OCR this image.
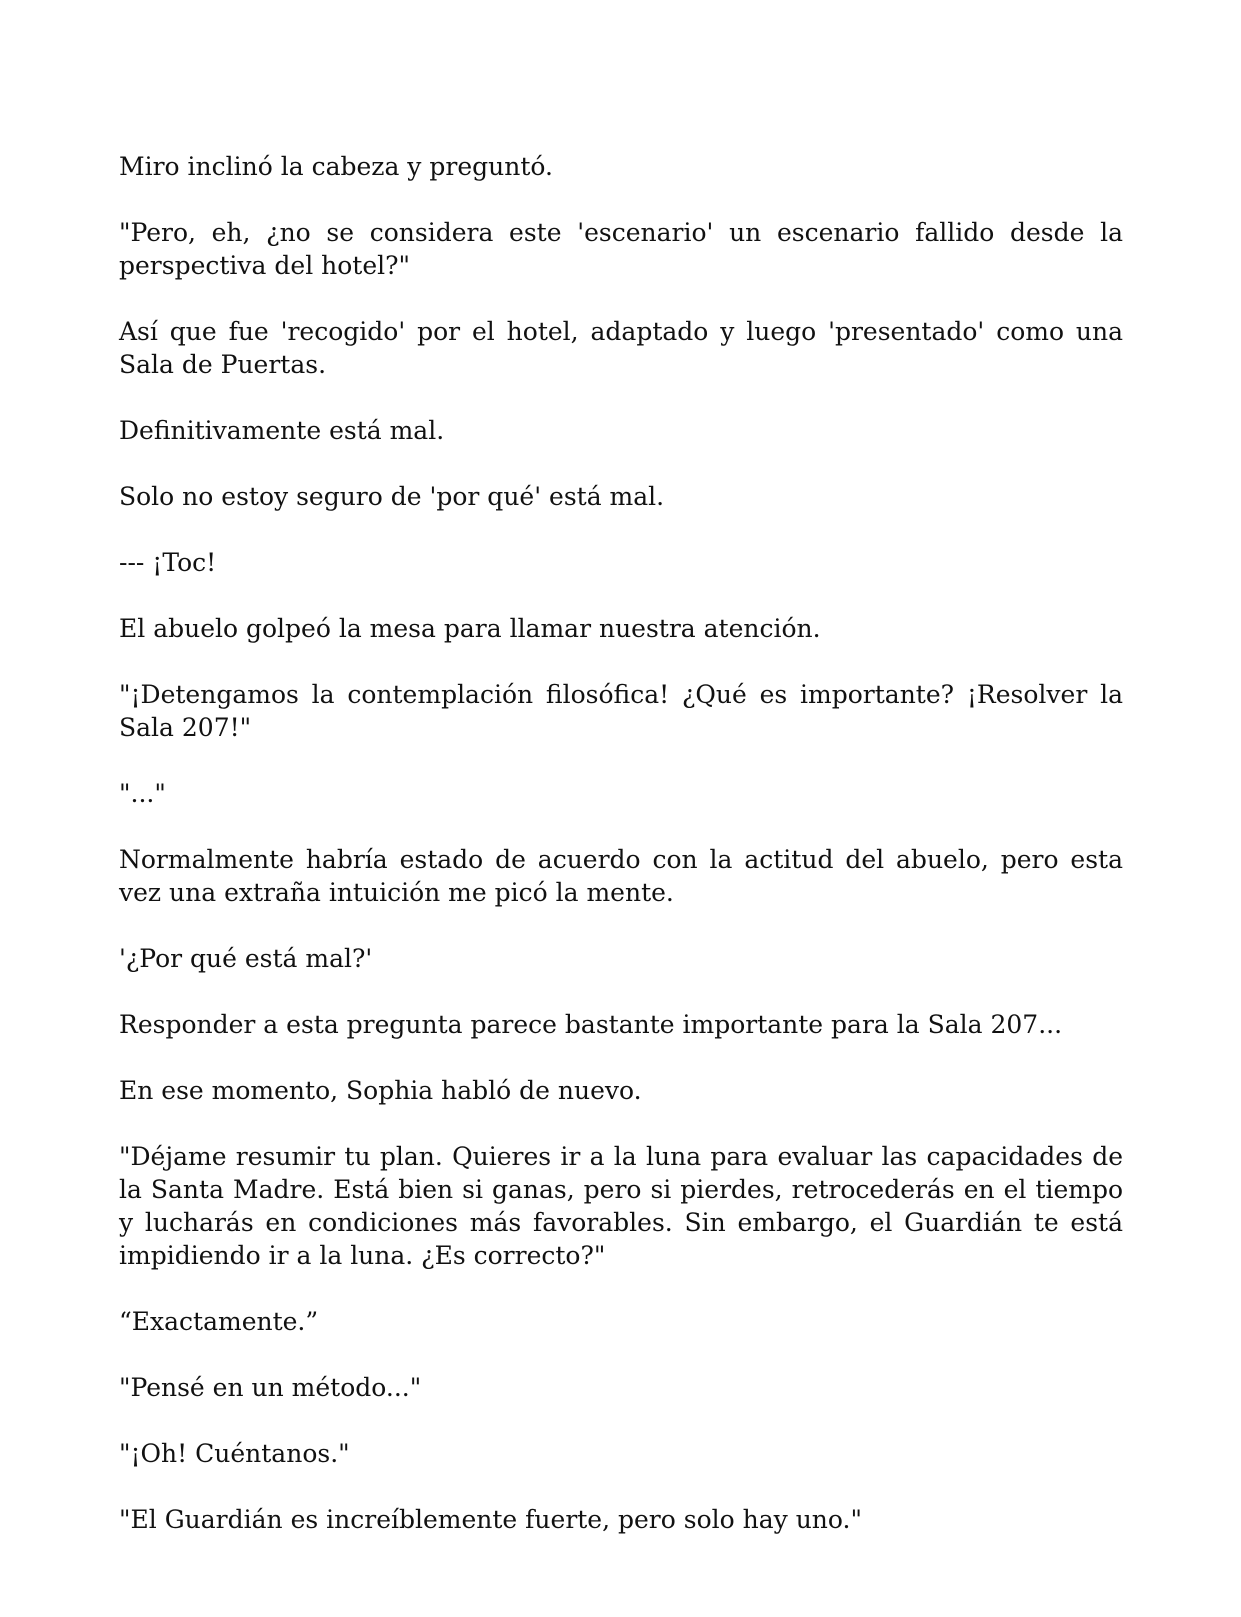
Miro inclinó la cabeza y preguntó.

"Pero, eh, ¿no se considera este 'escenario' un escenario fallido desde la perspectiva del hotel?"

Así que fue 'recogido' por el hotel, adaptado y luego 'presentado' como una Sala de Puertas.

Definitivamente está mal.

Solo no estoy seguro de 'por qué' está mal.

--- ¡Toc!

El abuelo golpeó la mesa para llamar nuestra atención.

"¡Detengamos la contemplación filosófica! ¿Qué es importante? ¡Resolver la Sala 207!"

"..."

Normalmente habría estado de acuerdo con la actitud del abuelo, pero esta vez una extraña intuición me picó la mente.

'¿Por qué está mal?'

Responder a esta pregunta parece bastante importante para la Sala 207...

En ese momento, Sophia habló de nuevo.

"Déjame resumir tu plan. Quieres ir a la luna para evaluar las capacidades de la Santa Madre. Está bien si ganas, pero si pierdes, retrocederás en el tiempo y lucharás en condiciones más favorables. Sin embargo, el Guardián te está impidiendo ir a la luna. ¿Es correcto?"

“Exactamente.”

"Pensé en un método..."

"¡Oh! Cuéntanos."

"El Guardián es increíblemente fuerte, pero solo hay uno."
